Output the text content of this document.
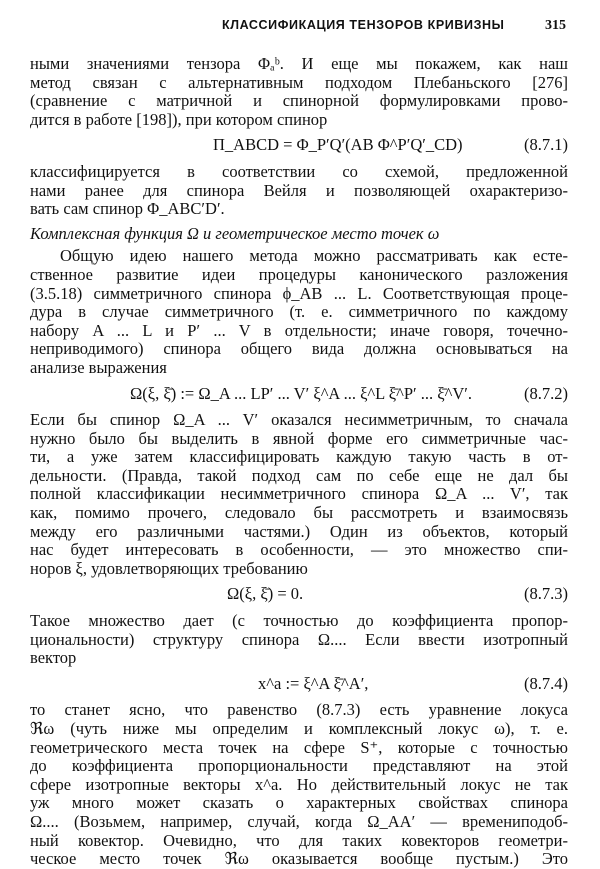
КЛАССИФИКАЦИЯ ТЕНЗОРОВ КРИВИЗНЫ	315
ными значениями тензора Φₐᵇ. И еще мы покажем, как наш
метод связан с альтернативным подходом Плебаньского [276]
(сравнение с матричной и спинорной формулировками прово-
дится в работе [198]), при котором спинор
Π_ABCD = Φ_P′Q′(AB Φ^P′Q′_CD)	(8.7.1)
классифицируется в соответствии со схемой, предложенной
нами ранее для спинора Вейля и позволяющей охарактеризо-
вать сам спинор Φ_ABC′D′.
Комплексная функция Ω и геометрическое место точек ω
Общую идею нашего метода можно рассматривать как есте-
ственное развитие идеи процедуры канонического разложения
(3.5.18) симметричного спинора ϕ_AB ... L. Соответствующая проце-
дура в случае симметричного (т. е. симметричного по каждому
набору A ... L и P′ ... V в отдельности; иначе говоря, точечно-
неприводимого) спинора общего вида должна основываться на
анализе выражения
Ω(ξ, ξ̄) := Ω_A ... LP′ ... V′ ξ^A ... ξ^L ξ̄^P′ ... ξ̄^V′.	(8.7.2)
Если бы спинор Ω_A ... V′ оказался несимметричным, то сначала
нужно было бы выделить в явной форме его симметричные час-
ти, а уже затем классифицировать каждую такую часть в от-
дельности. (Правда, такой подход сам по себе еще не дал бы
полной классификации несимметричного спинора Ω_A ... V′, так
как, помимо прочего, следовало бы рассмотреть и взаимосвязь
между его различными частями.) Один из объектов, который
нас будет интересовать в особенности, — это множество спи-
норов ξ, удовлетворяющих требованию
Ω(ξ, ξ̄) = 0.	(8.7.3)
Такое множество дает (с точностью до коэффициента пропор-
циональности) структуру спинора Ω.... Если ввести изотропный
вектор
x^a := ξ^A ξ̄^A′,	(8.7.4)
то станет ясно, что равенство (8.7.3) есть уравнение локуса
ℜω (чуть ниже мы определим и комплексный локус ω), т. е.
геометрического места точек на сфере S⁺, которые с точностью
до коэффициента пропорциональности представляют на этой
сфере изотропные векторы x^a. Но действительный локус не так
уж много может сказать о характерных свойствах спинора
Ω.... (Возьмем, например, случай, когда Ω_AA′ — времениподоб-
ный ковектор. Очевидно, что для таких ковекторов геометри-
ческое место точек ℜω оказывается вообще пустым.) Это
